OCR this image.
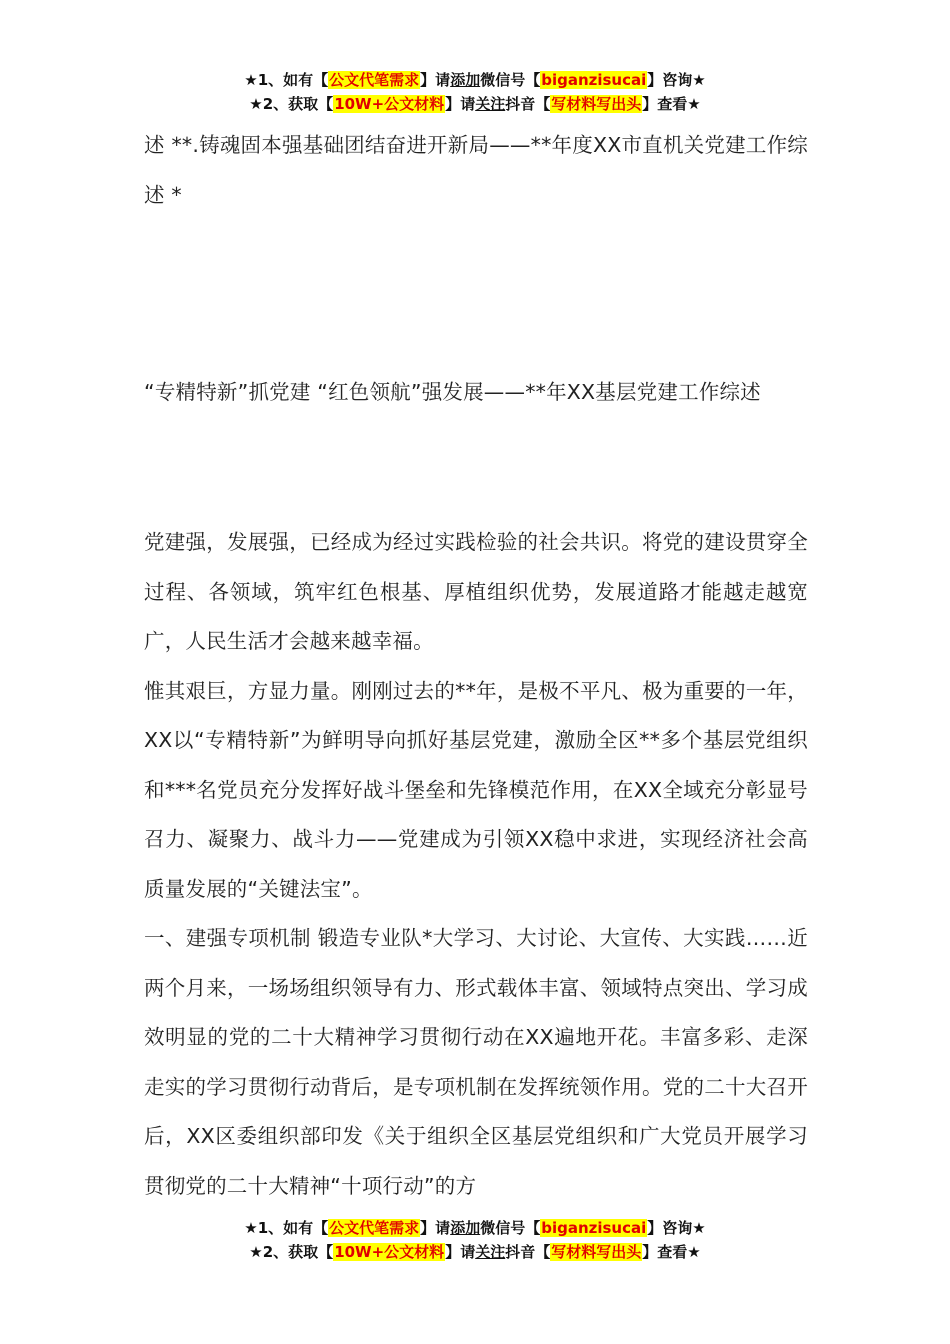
★1、如有【公文代笔需求】请添加微信号【biganzisucai】咨询★
★2、获取【10W+公文材料】请关注抖音【写材料写出头】查看★

述 **.铸魂固本强基础团结奋进开新局——**年度XX市直机关党建工作综述 *

“专精特新”抓党建 “红色领航”强发展——**年XX基层党建工作综述

党建强，发展强，已经成为经过实践检验的社会共识。将党的建设贯穿全过程、各领域，筑牢红色根基、厚植组织优势，发展道路才能越走越宽广，人民生活才会越来越幸福。

惟其艰巨，方显力量。刚刚过去的**年，是极不平凡、极为重要的一年，XX以“专精特新”为鲜明导向抓好基层党建，激励全区**多个基层党组织和***名党员充分发挥好战斗堡垒和先锋模范作用，在XX全域充分彰显号召力、凝聚力、战斗力——党建成为引领XX稳中求进，实现经济社会高质量发展的“关键法宝”。

一、建强专项机制 锻造专业队*大学习、大讨论、大宣传、大实践……近两个月来，一场场组织领导有力、形式载体丰富、领域特点突出、学习成效明显的党的二十大精神学习贯彻行动在XX遍地开花。丰富多彩、走深走实的学习贯彻行动背后，是专项机制在发挥统领作用。党的二十大召开后，XX区委组织部印发《关于组织全区基层党组织和广大党员开展学习贯彻党的二十大精神“十项行动”的方

★1、如有【公文代笔需求】请添加微信号【biganzisucai】咨询★
★2、获取【10W+公文材料】请关注抖音【写材料写出头】查看★
